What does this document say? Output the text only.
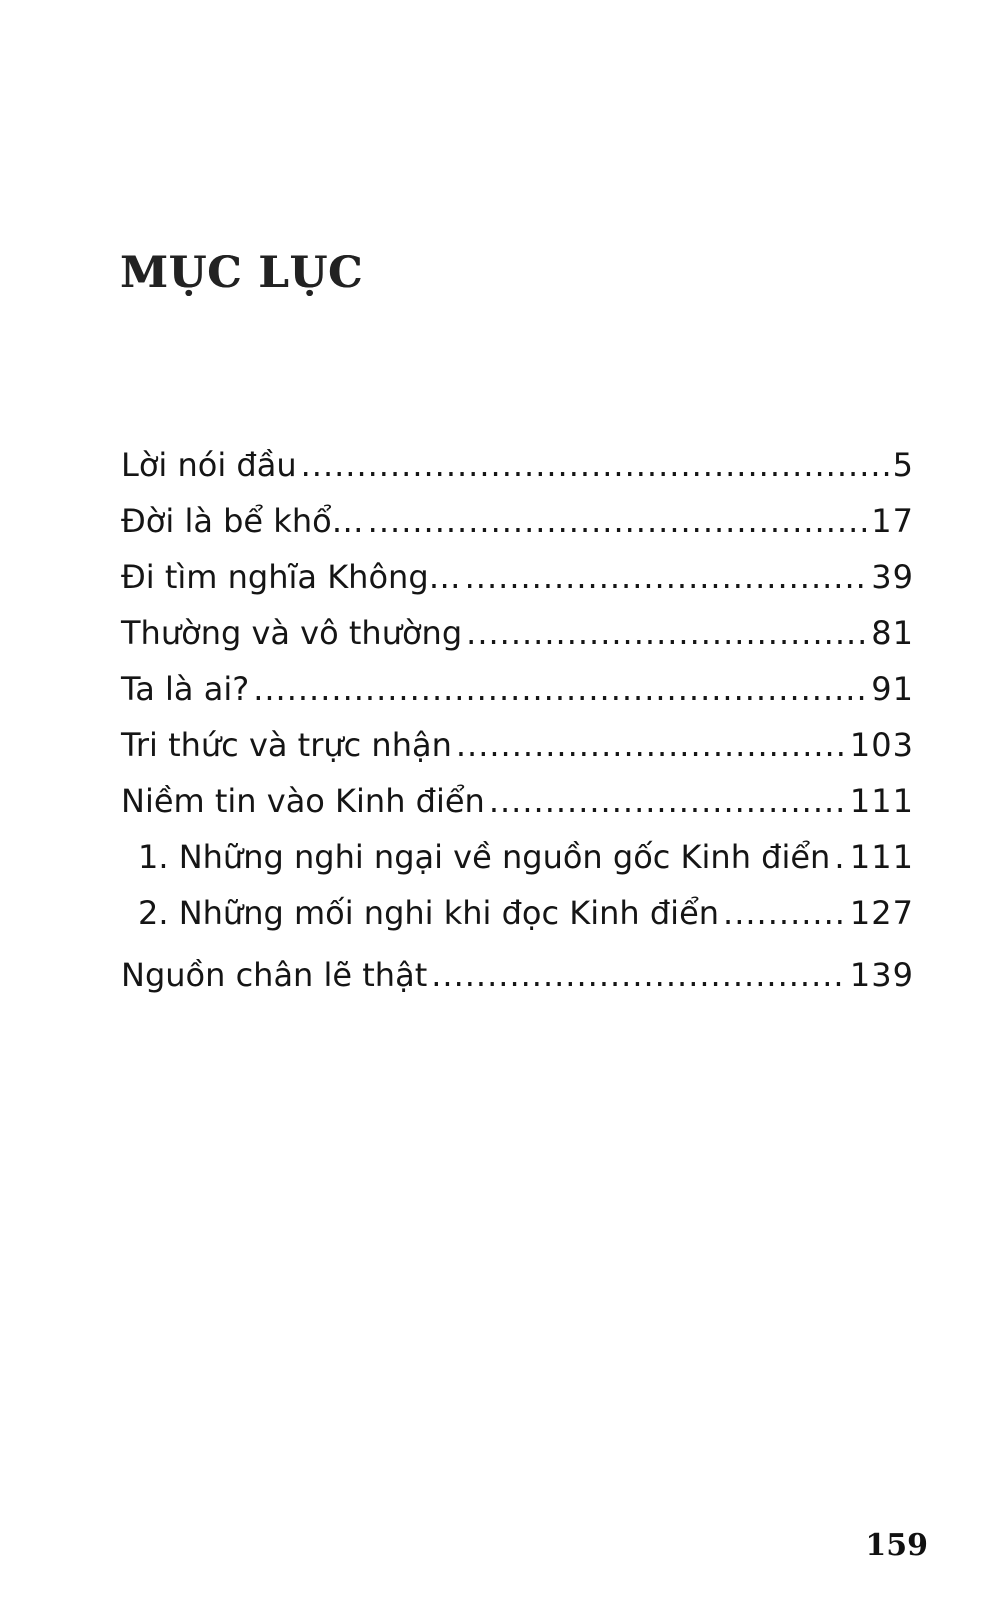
MỤC LỤC
Lời nói đầu .....	5
Đời là bể khổ… .....	17
Đi tìm nghĩa Không… .....	39
Thường và vô thường .....	81
Ta là ai? .....	91
Tri thức và trực nhận .....	103
Niềm tin vào Kinh điển .....	111
1. Những nghi ngại về nguồn gốc Kinh điển ..... 111
2. Những mối nghi khi đọc Kinh điển .....	127
Nguồn chân lẽ thật .....	139
159
